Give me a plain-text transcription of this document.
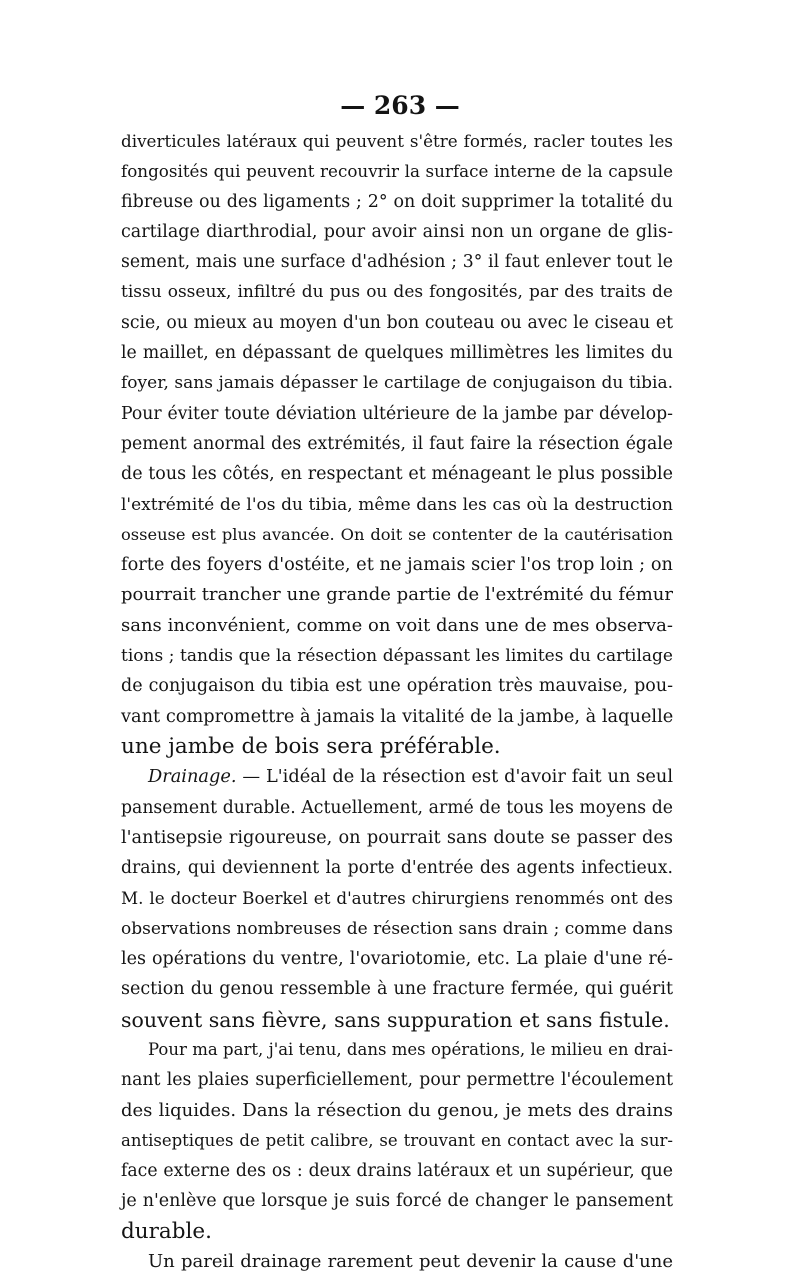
— 263 —
diverticules latéraux qui peuvent s'être formés, racler toutes les
fongosités qui peuvent recouvrir la surface interne de la capsule
fibreuse ou des ligaments ; 2° on doit supprimer la totalité du
cartilage diarthrodial, pour avoir ainsi non un organe de glis-
sement, mais une surface d'adhésion ; 3° il faut enlever tout le
tissu osseux, infiltré du pus ou des fongosités, par des traits de
scie, ou mieux au moyen d'un bon couteau ou avec le ciseau et
le maillet, en dépassant de quelques millimètres les limites du
foyer, sans jamais dépasser le cartilage de conjugaison du tibia.
Pour éviter toute déviation ultérieure de la jambe par dévelop-
pement anormal des extrémités, il faut faire la résection égale
de tous les côtés, en respectant et ménageant le plus possible
l'extrémité de l'os du tibia, même dans les cas où la destruction
osseuse est plus avancée. On doit se contenter de la cautérisation
forte des foyers d'ostéite, et ne jamais scier l'os trop loin ; on
pourrait trancher une grande partie de l'extrémité du fémur
sans inconvénient, comme on voit dans une de mes observa-
tions ; tandis que la résection dépassant les limites du cartilage
de conjugaison du tibia est une opération très mauvaise, pou-
vant compromettre à jamais la vitalité de la jambe, à laquelle
une jambe de bois sera préférable.
Drainage. — L'idéal de la résection est d'avoir fait un seul
pansement durable. Actuellement, armé de tous les moyens de
l'antisepsie rigoureuse, on pourrait sans doute se passer des
drains, qui deviennent la porte d'entrée des agents infectieux.
M. le docteur Boerkel et d'autres chirurgiens renommés ont des
observations nombreuses de résection sans drain ; comme dans
les opérations du ventre, l'ovariotomie, etc. La plaie d'une ré-
section du genou ressemble à une fracture fermée, qui guérit
souvent sans fièvre, sans suppuration et sans fistule.
Pour ma part, j'ai tenu, dans mes opérations, le milieu en drai-
nant les plaies superficiellement, pour permettre l'écoulement
des liquides. Dans la résection du genou, je mets des drains
antiseptiques de petit calibre, se trouvant en contact avec la sur-
face externe des os : deux drains latéraux et un supérieur, que
je n'enlève que lorsque je suis forcé de changer le pansement
durable.
Un pareil drainage rarement peut devenir la cause d'une
